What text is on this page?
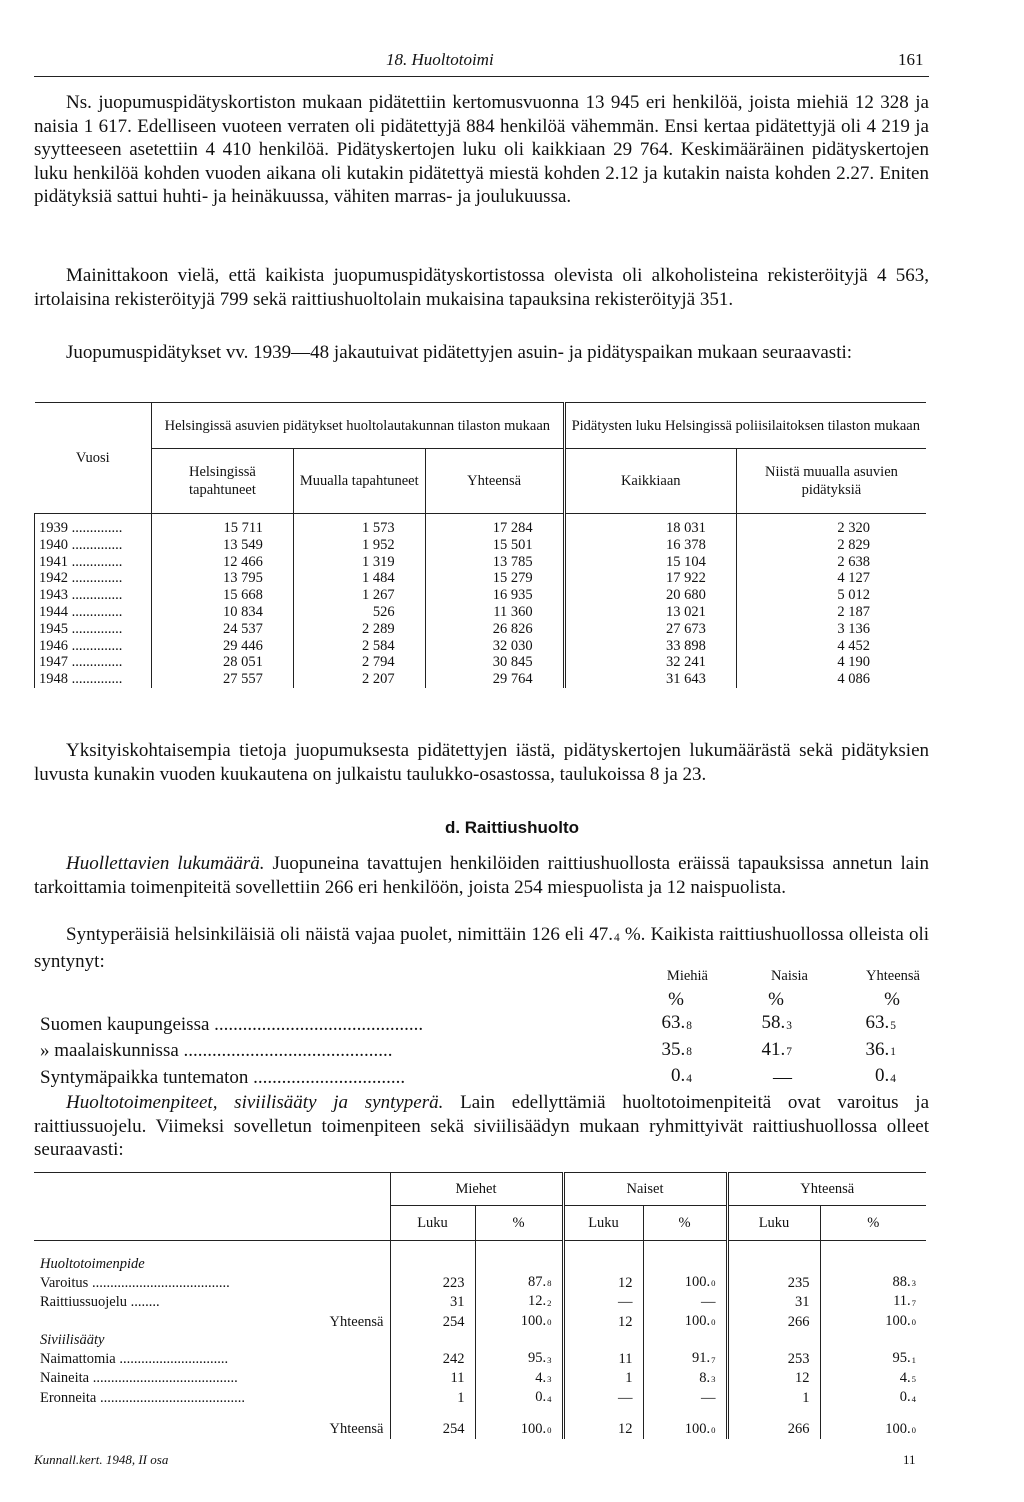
18. Huoltotoimi	161

Ns. juopumuspidätyskortiston mukaan pidätettiin kertomusvuonna 13 945 eri henkilöä, joista miehiä 12 328 ja naisia 1 617. Edelliseen vuoteen verraten oli pidätettyjä 884 henkilöä vähemmän. Ensi kertaa pidätettyjä oli 4 219 ja syytteeseen asetettiin 4 410 henkilöä. Pidätyskertojen luku oli kaikkiaan 29 764. Keskimääräinen pidätyskertojen luku henkilöä kohden vuoden aikana oli kutakin pidätettyä miestä kohden 2.12 ja kutakin naista kohden 2.27. Eniten pidätyksiä sattui huhti- ja heinäkuussa, vähiten marras- ja joulukuussa.

Mainittakoon vielä, että kaikista juopumuspidätyskortistossa olevista oli alkoholisteina rekisteröityjä 4 563, irtolaisina rekisteröityjä 799 sekä raittiushuoltolain mukaisina tapauksina rekisteröityjä 351.

Juopumuspidätykset vv. 1939—48 jakautuivat pidätettyjen asuin- ja pidätyspaikan mukaan seuraavasti:

Vuosi	Helsingissä asuvien pidätykset huoltolautakunnan tilaston mukaan			Pidätysten luku Helsingissä poliisilaitoksen tilaston mukaan	
	Helsingissä tapahtuneet	Muualla tapahtuneet	Yhteensä	Kaikkiaan	Niistä muualla asuvien pidätyksiä
1939 ..............	15 711	1 573	17 284	18 031	2 320
1940 ..............	13 549	1 952	15 501	16 378	2 829
1941 ..............	12 466	1 319	13 785	15 104	2 638
1942 ..............	13 795	1 484	15 279	17 922	4 127
1943 ..............	15 668	1 267	16 935	20 680	5 012
1944 ..............	10 834	526	11 360	13 021	2 187
1945 ..............	24 537	2 289	26 826	27 673	3 136
1946 ..............	29 446	2 584	32 030	33 898	4 452
1947 ..............	28 051	2 794	30 845	32 241	4 190
1948 ..............	27 557	2 207	29 764	31 643	4 086

Yksityiskohtaisempia tietoja juopumuksesta pidätettyjen iästä, pidätyskertojen lukumäärästä sekä pidätyksien luvusta kunakin vuoden kuukautena on julkaistu taulukko-osastossa, taulukoissa 8 ja 23.

d. Raittiushuolto

Huollettavien lukumäärä. Juopuneina tavattujen henkilöiden raittiushuollosta eräissä tapauksissa annetun lain tarkoittamia toimenpiteitä sovellettiin 266 eri henkilöön, joista 254 miespuolista ja 12 naispuolista.

Syntyperäisiä helsinkiläisiä oli näistä vajaa puolet, nimittäin 126 eli 47.4 %. Kaikista raittiushuollossa olleista oli syntynyt:

	Miehiä	Naisia	Yhteensä
	%	%	%
Suomen kaupungeissa ............................................	63.8	58.3	63.5
» maalaiskunnissa ............................................	35.8	41.7	36.1
Syntymäpaikka tuntematon ................................	0.4	—	0.4

Huoltotoimenpiteet, siviilisääty ja syntyperä. Lain edellyttämiä huoltotoimenpiteitä ovat varoitus ja raittiussuojelu. Viimeksi sovelletun toimenpiteen sekä siviilisäädyn mukaan ryhmittyivät raittiushuollossa olleet seuraavasti:

	Miehet		Naiset		Yhteensä	
	Luku	%	Luku	%	Luku	%
Huoltotoimenpide						
Varoitus ......................................	223	87.8	12	100.0	235	88.3
Raittiussuojelu ........	31	12.2	—	—	31	11.7
Yhteensä	254	100.0	12	100.0	266	100.0
Siviilisääty						
Naimattomia ..............................	242	95.3	11	91.7	253	95.1
Naineita ........................................	11	4.3	1	8.3	12	4.5
Eronneita ........................................	1	0.4	—	—	1	0.4
Yhteensä	254	100.0	12	100.0	266	100.0
Kunnall.kert. 1948, II osa	11
